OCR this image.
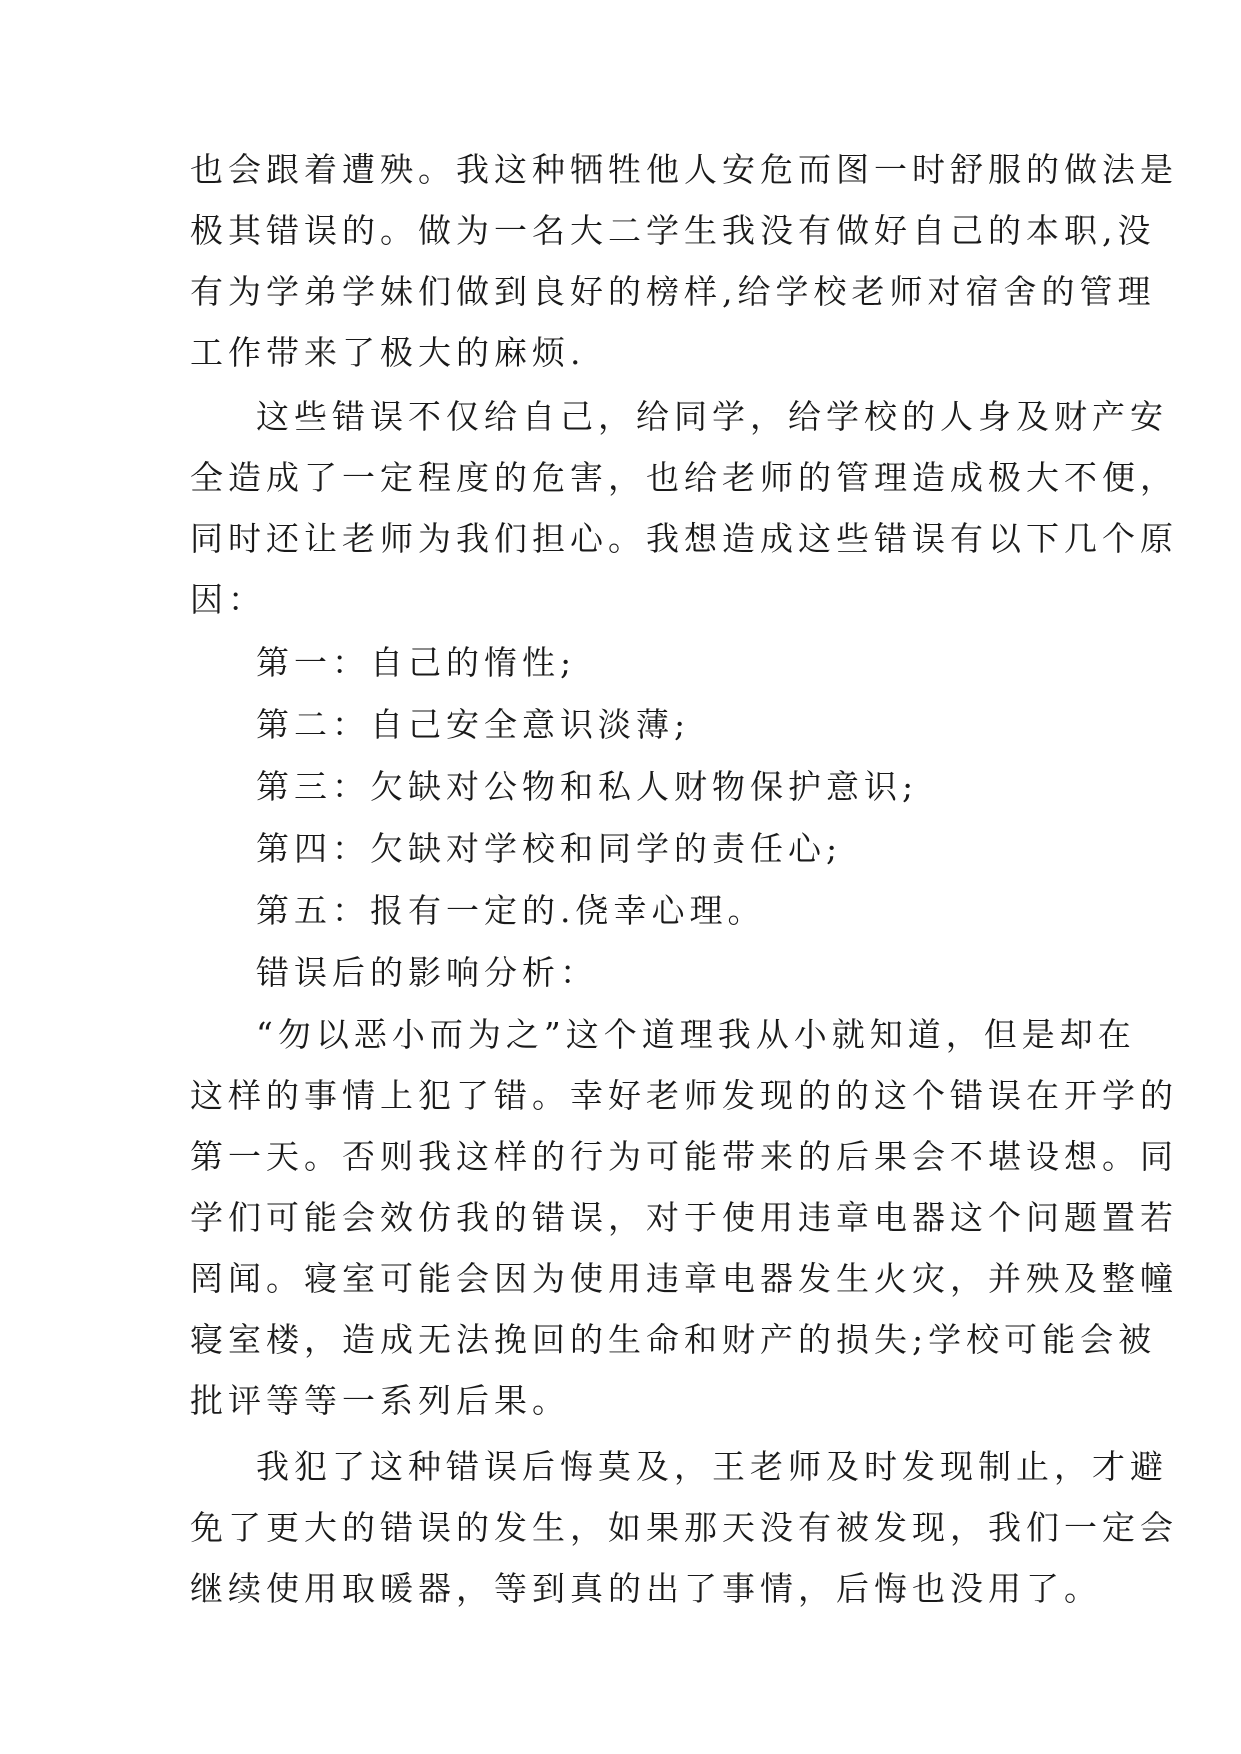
也会跟着遭殃。我这种牺牲他人安危而图一时舒服的做法是
极其错误的。做为一名大二学生我没有做好自己的本职,没
有为学弟学妹们做到良好的榜样,给学校老师对宿舍的管理
工作带来了极大的麻烦.
这些错误不仅给自己，给同学，给学校的人身及财产安
全造成了一定程度的危害，也给老师的管理造成极大不便，
同时还让老师为我们担心。我想造成这些错误有以下几个原
因：
第一：自己的惰性;
第二：自己安全意识淡薄;
第三：欠缺对公物和私人财物保护意识;
第四：欠缺对学校和同学的责任心;
第五：报有一定的.侥幸心理。
错误后的影响分析：
“勿以恶小而为之”这个道理我从小就知道，但是却在
这样的事情上犯了错。幸好老师发现的的这个错误在开学的
第一天。否则我这样的行为可能带来的后果会不堪设想。同
学们可能会效仿我的错误，对于使用违章电器这个问题置若
罔闻。寝室可能会因为使用违章电器发生火灾，并殃及整幢
寝室楼，造成无法挽回的生命和财产的损失;学校可能会被
批评等等一系列后果。
我犯了这种错误后悔莫及，王老师及时发现制止，才避
免了更大的错误的发生，如果那天没有被发现，我们一定会
继续使用取暖器，等到真的出了事情，后悔也没用了。
